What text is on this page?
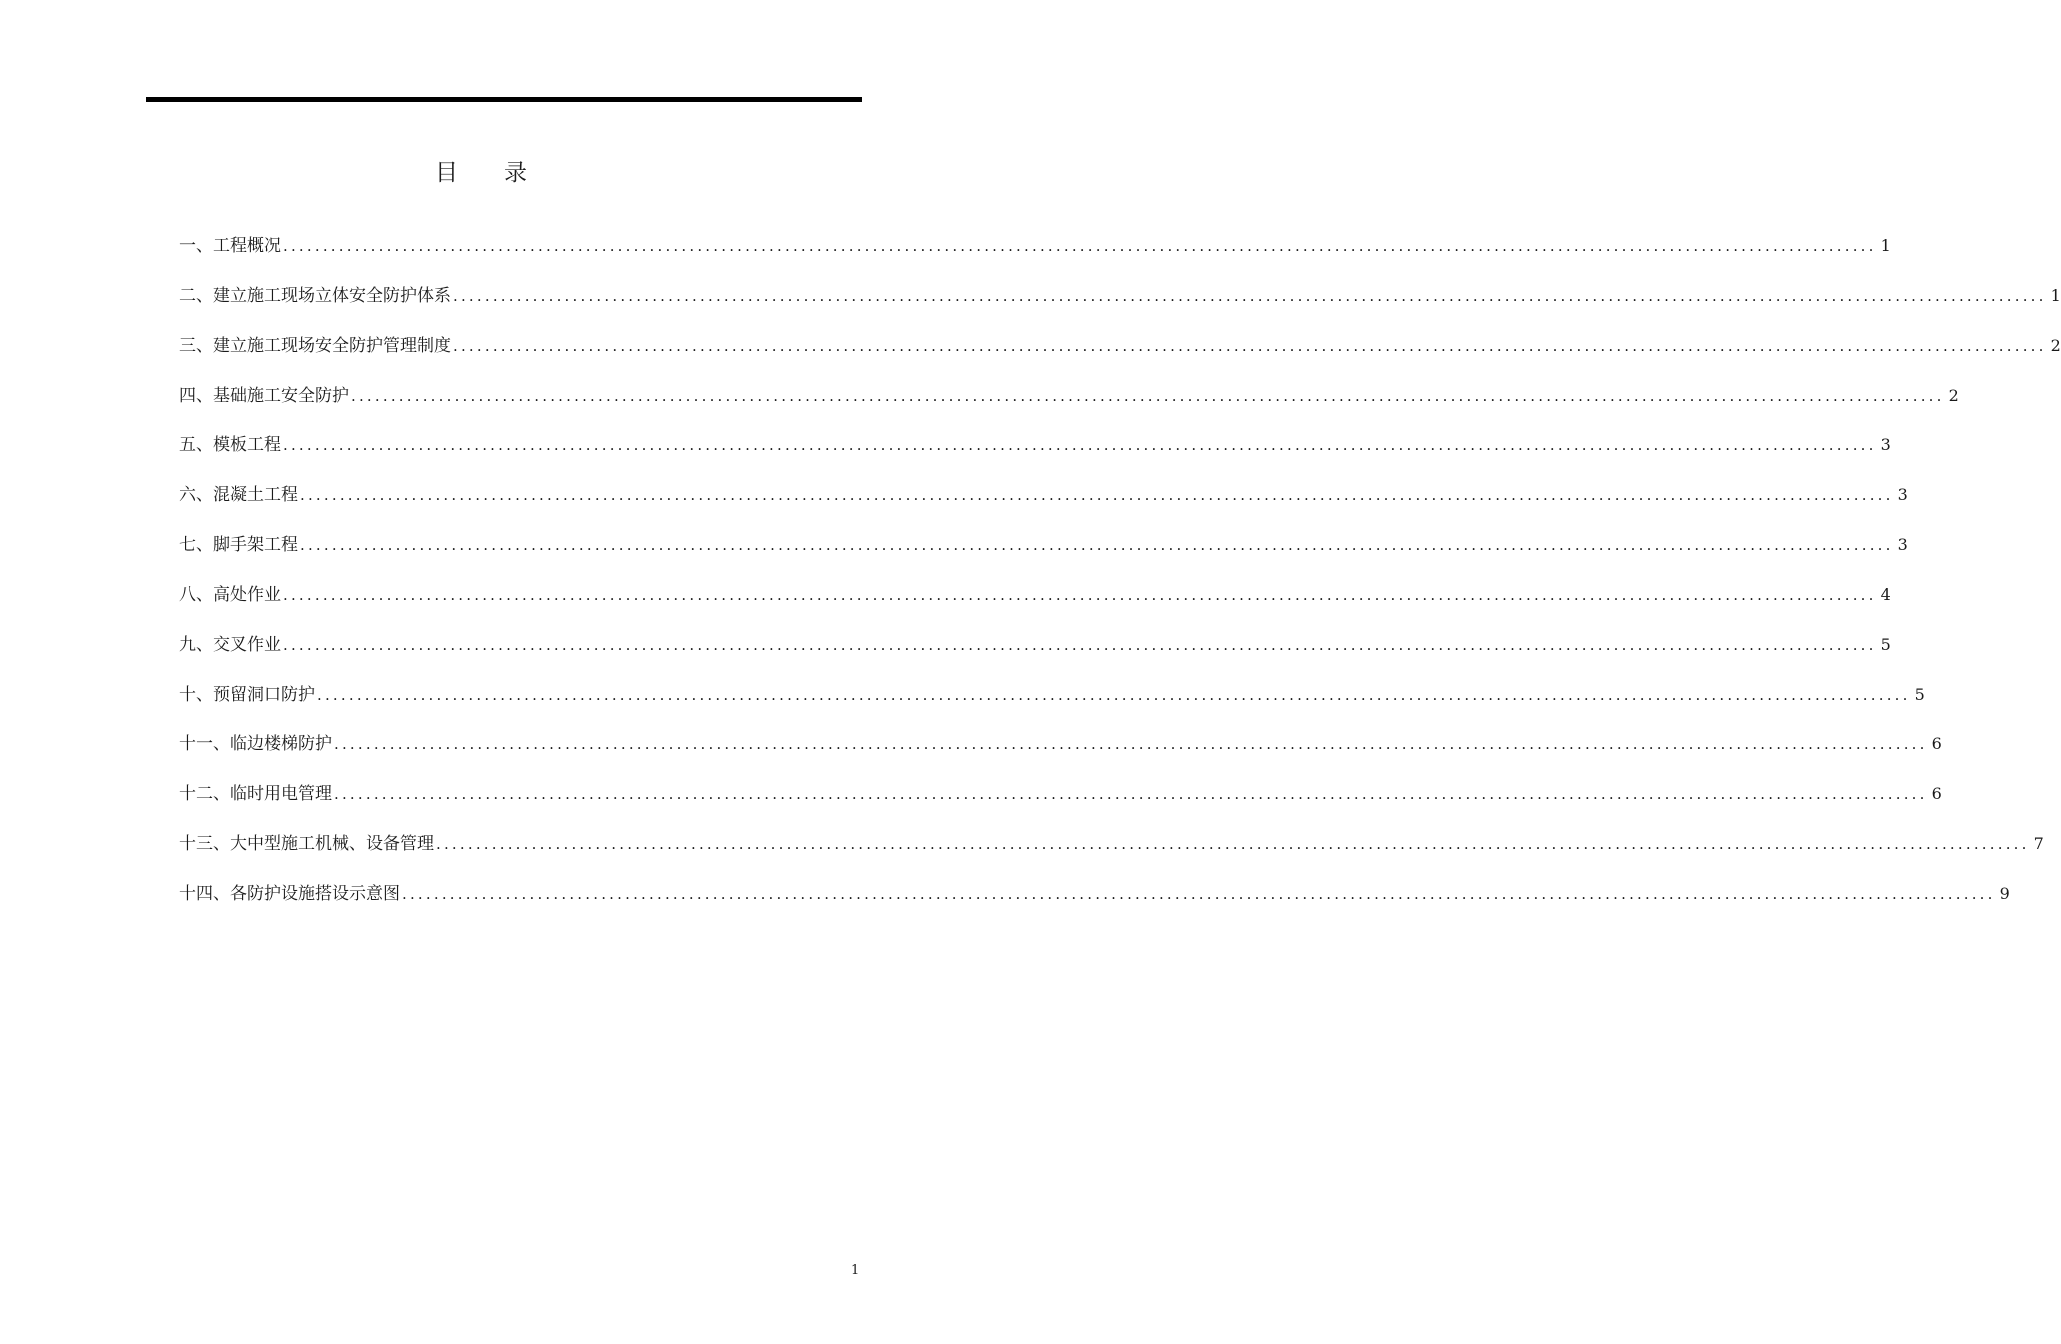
目录
一、工程概况 ........................................................................................................................................................................................................ 1
二、建立施工现场立体安全防护体系 ........................................................................................................................................................................................................ 1
三、建立施工现场安全防护管理制度 ........................................................................................................................................................................................................ 2
四、基础施工安全防护 ........................................................................................................................................................................................................ 2
五、模板工程 ........................................................................................................................................................................................................ 3
六、混凝土工程 ........................................................................................................................................................................................................ 3
七、脚手架工程 ........................................................................................................................................................................................................ 3
八、高处作业 ........................................................................................................................................................................................................ 4
九、交叉作业 ........................................................................................................................................................................................................ 5
十、预留洞口防护 ........................................................................................................................................................................................................ 5
十一、临边楼梯防护 ........................................................................................................................................................................................................ 6
十二、临时用电管理 ........................................................................................................................................................................................................ 6
十三、大中型施工机械、设备管理 ........................................................................................................................................................................................................ 7
十四、各防护设施搭设示意图 ........................................................................................................................................................................................................ 9
1
